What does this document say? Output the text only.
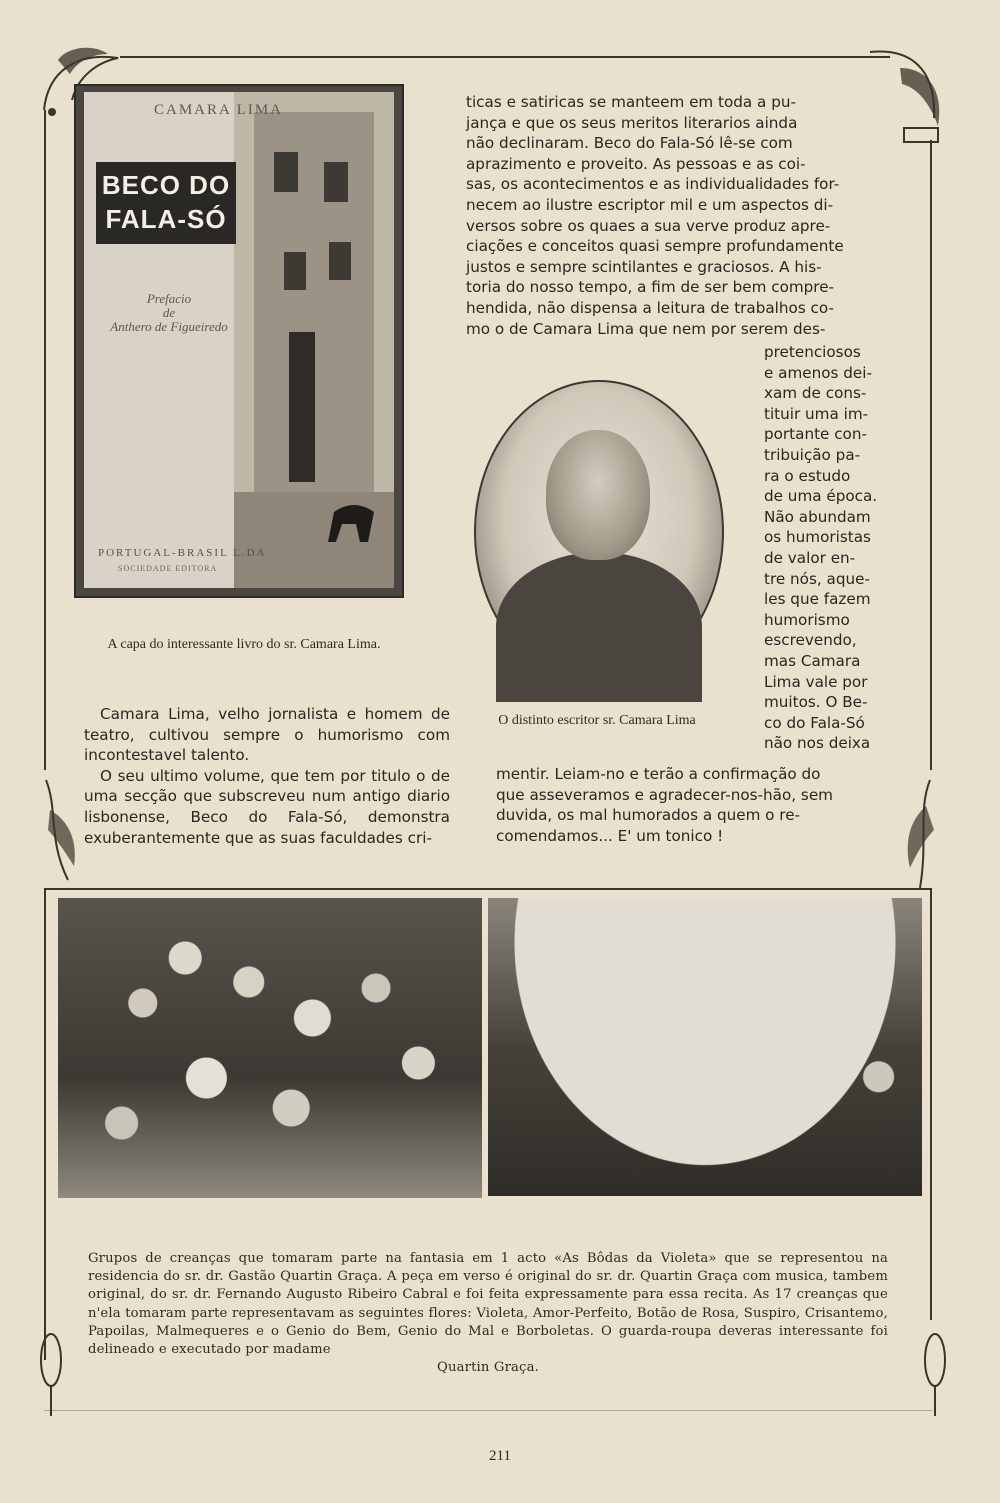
CAMARA LIMA
BECO DO
FALA-SÓ
Prefacio
de
Anthero de Figueiredo
PORTUGAL-BRASIL L.DA
SOCIEDADE EDITORA
A capa do interessante livro do sr. Camara Lima.

Camara Lima, velho jornalista e homem de teatro, cultivou sempre o humorismo com incontestavel talento.

O seu ultimo volume, que tem por titulo o de uma secção que subscreveu num antigo diario lisbonense, Beco do Fala-Só, demonstra exuberantemente que as suas faculdades cri-

ticas e satiricas se manteem em toda a pu-
jança e que os seus meritos literarios ainda
não declinaram. Beco do Fala-Só lê-se com
aprazimento e proveito. As pessoas e as coi-
sas, os acontecimentos e as individualidades for-
necem ao ilustre escriptor mil e um aspectos di-
versos sobre os quaes a sua verve produz apre-
ciações e conceitos quasi sempre profundamente
justos e sempre scintilantes e graciosos. A his-
toria do nosso tempo, a fim de ser bem compre-
hendida, não dispensa a leitura de trabalhos co-
mo o de Camara Lima que nem por serem des-
O distinto escritor sr. Camara Lima
pretenciosos
e amenos dei-
xam de cons-
tituir uma im-
portante con-
tribuição pa-
ra o estudo
de uma época.
Não abundam
os humoristas
de valor en-
tre nós, aque-
les que fazem
humorismo
escrevendo,
mas Camara
Lima vale por
muitos. O Be-
co do Fala-Só
não nos deixa
mentir. Leiam-no e terão a confirmação do
que asseveramos e agradecer-nos-hão, sem
duvida, os mal humorados a quem o re-
comendamos... E' um tonico !
Grupos de creanças que tomaram parte na fantasia em 1 acto «As Bôdas da Violeta» que se representou na residencia do sr. dr. Gastão Quartin Graça. A peça em verso é original do sr. dr. Quartin Graça com musica, tambem original, do sr. dr. Fernando Augusto Ribeiro Cabral e foi feita expressamente para essa recita. As 17 creanças que n'ela tomaram parte representavam as seguintes flores: Violeta, Amor-Perfeito, Botão de Rosa, Suspiro, Crisantemo, Papoilas, Malmequeres e o Genio do Bem, Genio do Mal e Borboletas. O guarda-roupa deveras interessante foi delineado e executado por madame
Quartin Graça.
211
